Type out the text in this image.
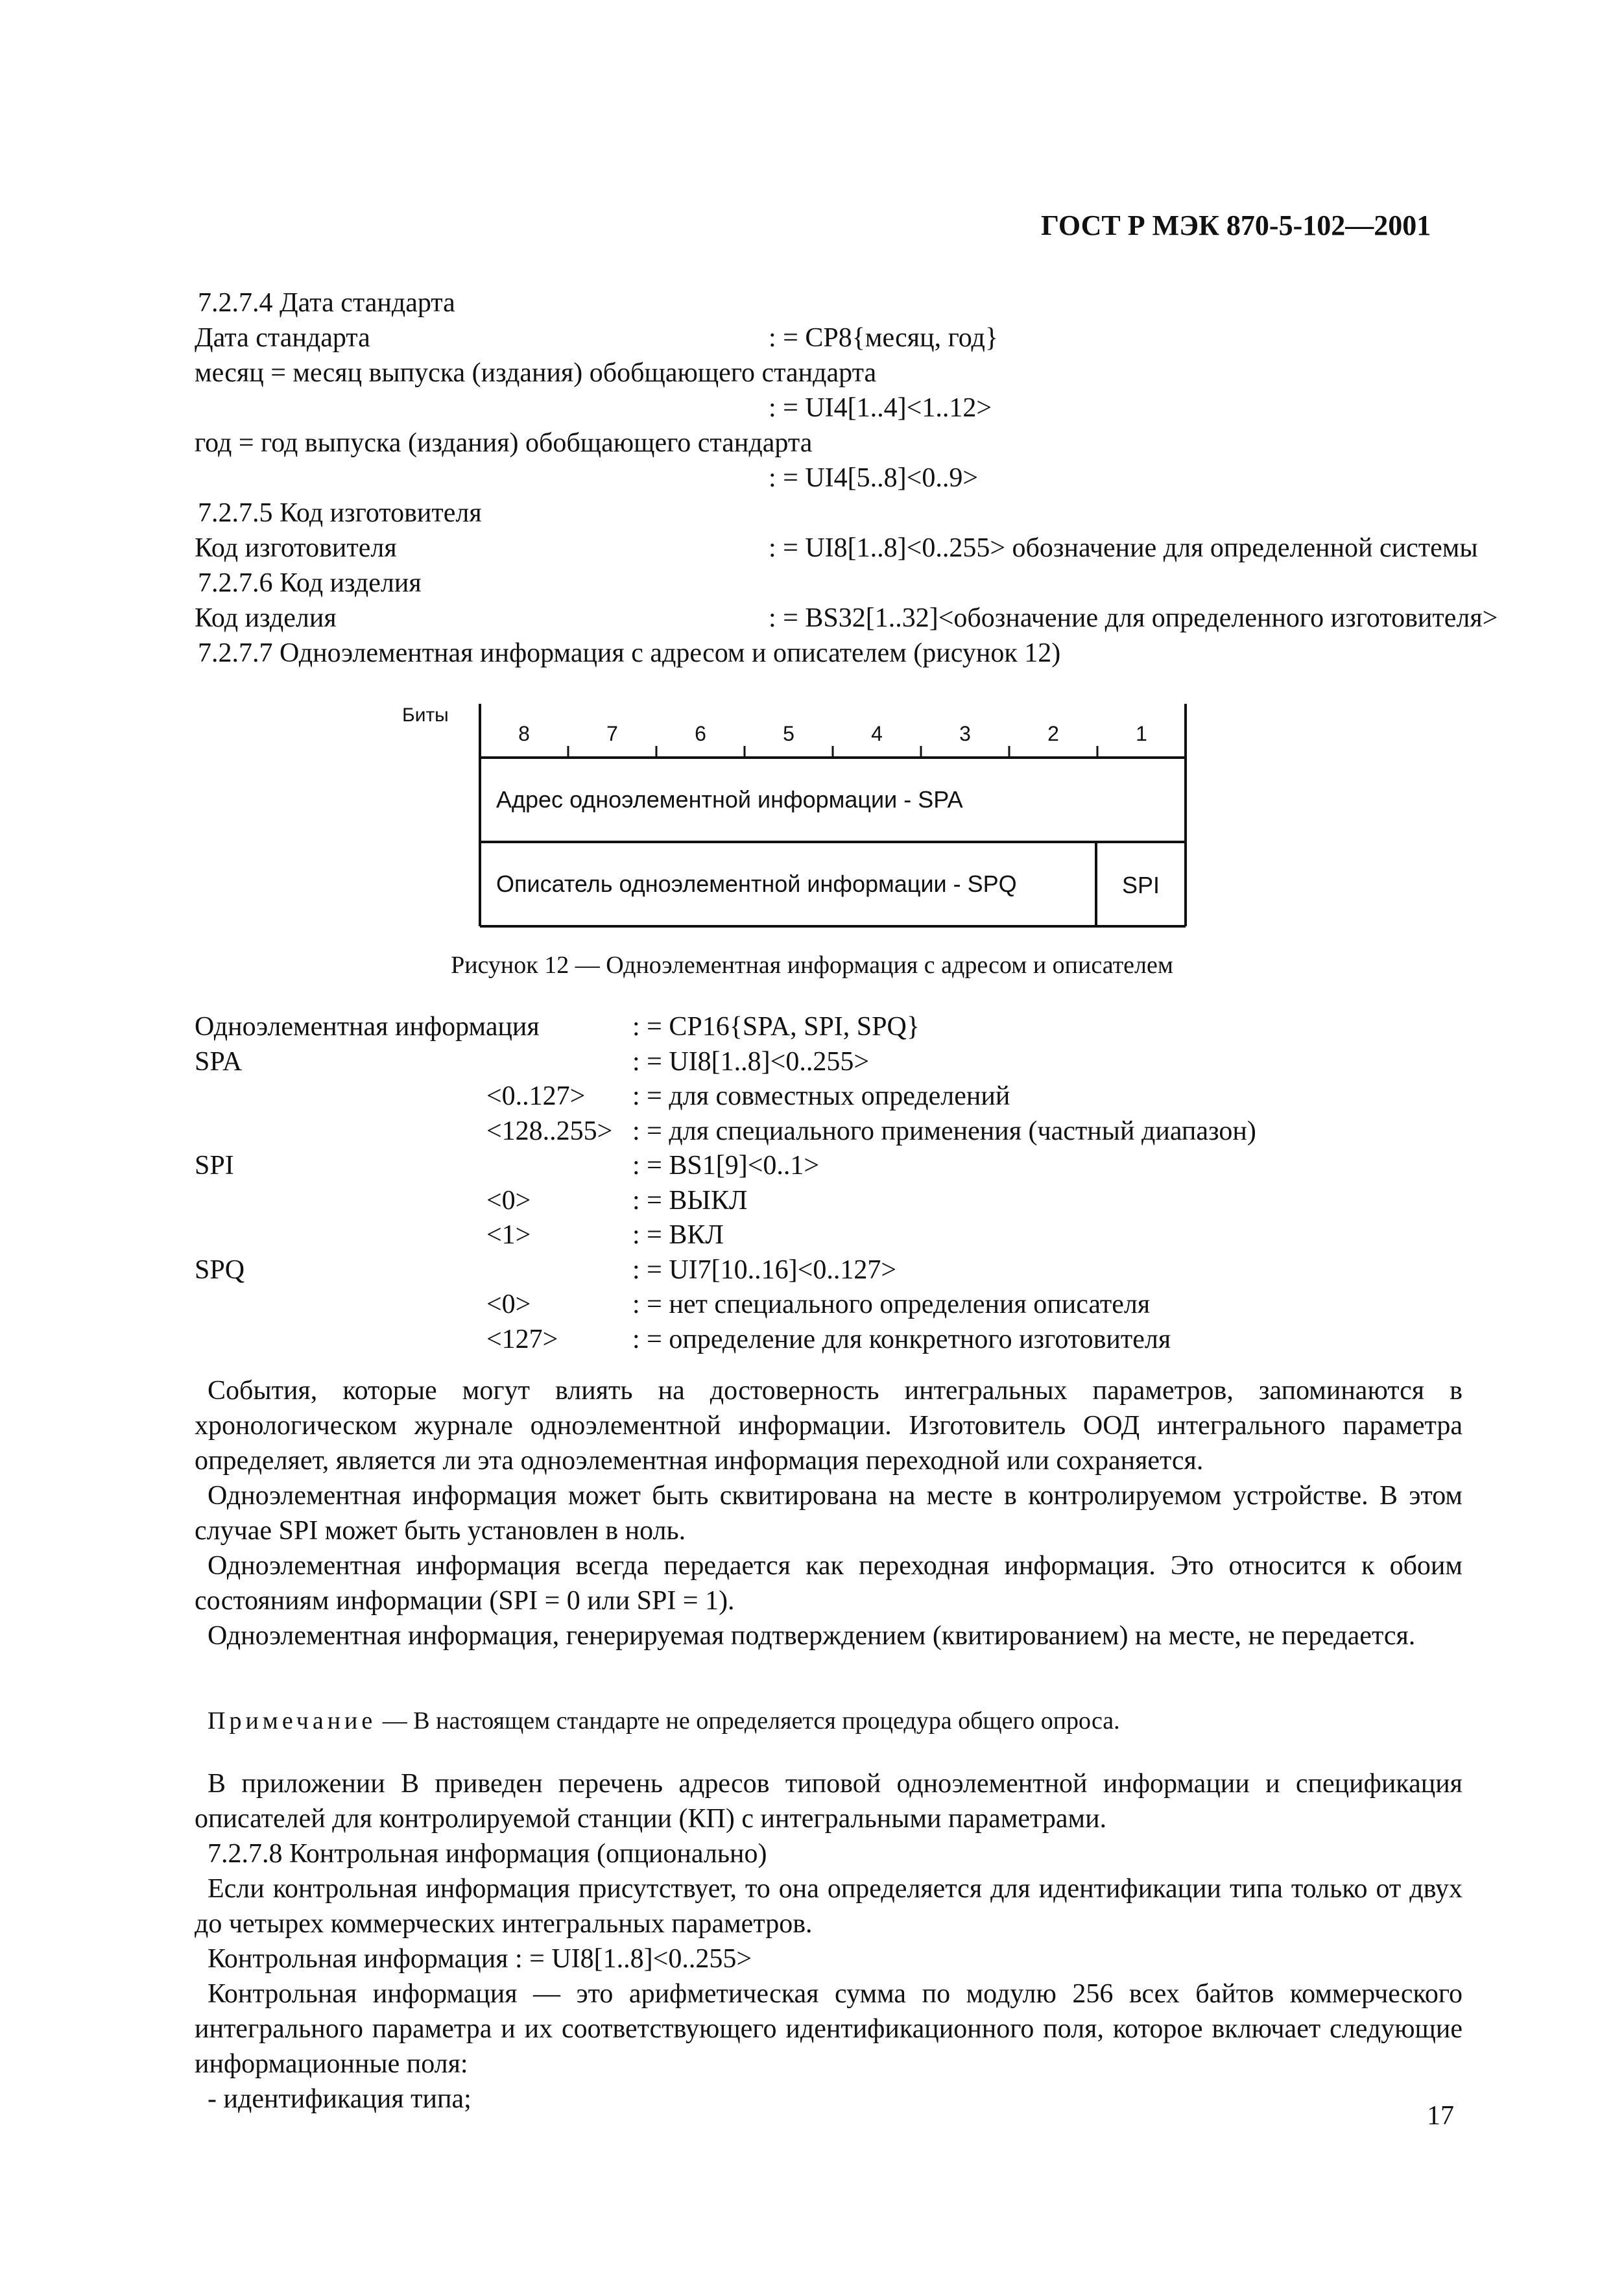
ГОСТ Р МЭК 870-5-102—2001
7.2.7.4 Дата стандарта
Дата стандарта	: = CP8{месяц, год}
месяц = месяц выпуска (издания) обобщающего стандарта
: = UI4[1..4]<1..12>
год = год выпуска (издания) обобщающего стандарта
: = UI4[5..8]<0..9>
7.2.7.5 Код изготовителя
Код изготовителя	: = UI8[1..8]<0..255> обозначение для определенной системы
7.2.7.6 Код изделия
Код изделия	: = BS32[1..32]<обозначение для определенного изготовителя>
7.2.7.7 Одноэлементная информация с адресом и описателем (рисунок 12)
Биты
8	7	6	5	4	3	2	1
Адрес одноэлементной информации - SPA
Описатель одноэлементной информации - SPQ	SPI
Рисунок 12 — Одноэлементная информация с адресом и описателем
Одноэлементная информация	: = CP16{SPA, SPI, SPQ}
SPA	: = UI8[1..8]<0..255>
<0..127> : = для совместных определений
<128..255> : = для специального применения (частный диапазон)
SPI	: = BS1[9]<0..1>
<0>	: = ВЫКЛ
<1>	: = ВКЛ
SPQ	: = UI7[10..16]<0..127>
<0>	: = нет специального определения описателя
<127>	: = определение для конкретного изготовителя
События, которые могут влиять на достоверность интегральных параметров, запоминаются в хронологическом журнале одноэлементной информации. Изготовитель ООД интегрального параметра определяет, является ли эта одноэлементная информация переходной или сохраняется.
Одноэлементная информация может быть сквитирована на месте в контролируемом устройстве. В этом случае SPI может быть установлен в ноль.
Одноэлементная информация всегда передается как переходная информация. Это относится к обоим состояниям информации (SPI = 0 или SPI = 1).
Одноэлементная информация, генерируемая подтверждением (квитированием) на месте, не передается.
Примечание — В настоящем стандарте не определяется процедура общего опроса.
В приложении В приведен перечень адресов типовой одноэлементной информации и спецификация описателей для контролируемой станции (КП) с интегральными параметрами.
7.2.7.8 Контрольная информация (опционально)
Если контрольная информация присутствует, то она определяется для идентификации типа только от двух до четырех коммерческих интегральных параметров.
Контрольная информация : = UI8[1..8]<0..255>
Контрольная информация — это арифметическая сумма по модулю 256 всех байтов коммерческого интегрального параметра и их соответствующего идентификационного поля, которое включает следующие информационные поля:
- идентификация типа;
17
